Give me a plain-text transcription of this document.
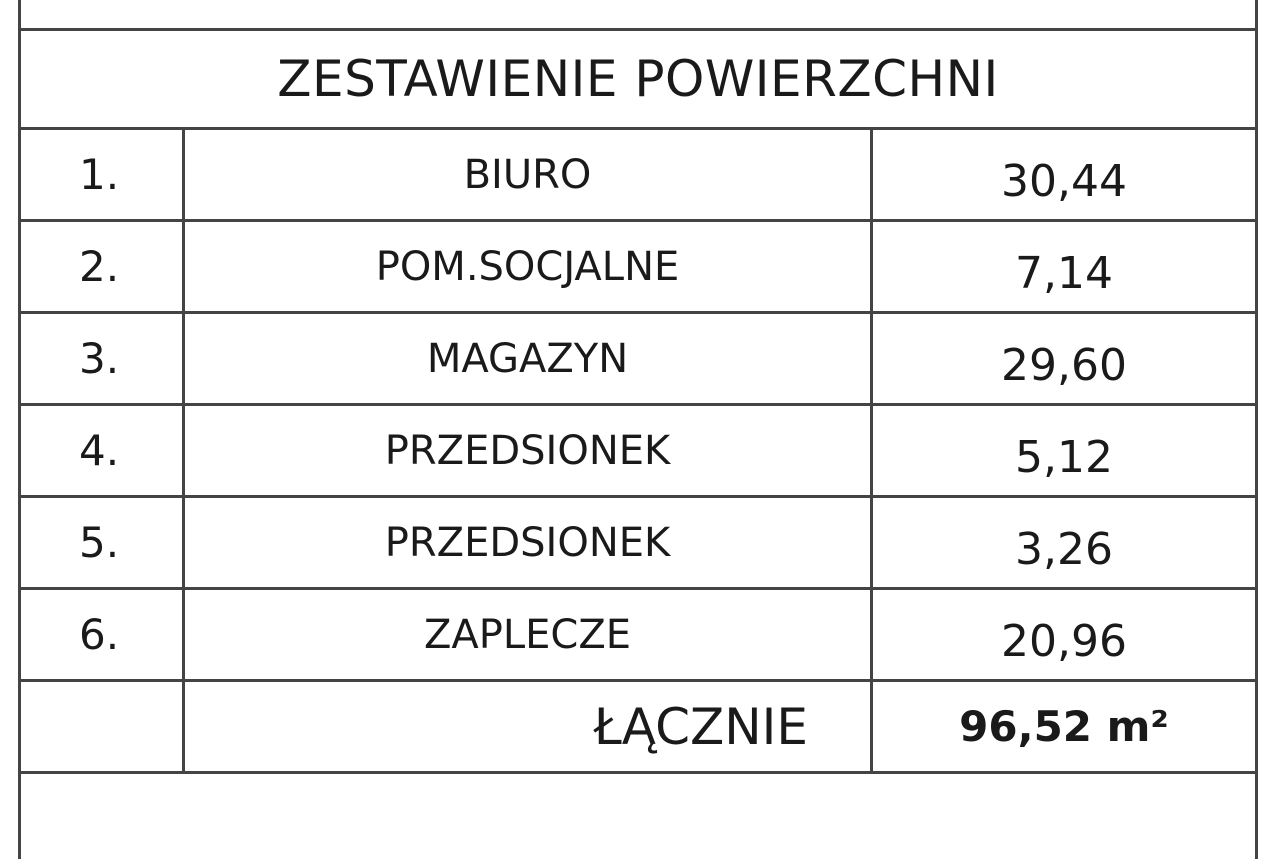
ZESTAWIENIE POWIERZCHNI
1.	BIURO	30,44
2.	POM.SOCJALNE	7,14
3.	MAGAZYN	29,60
4.	PRZEDSIONEK	5,12
5.	PRZEDSIONEK	3,26
6.	ZAPLECZE	20,96
ŁĄCZNIE	96,52 m²
